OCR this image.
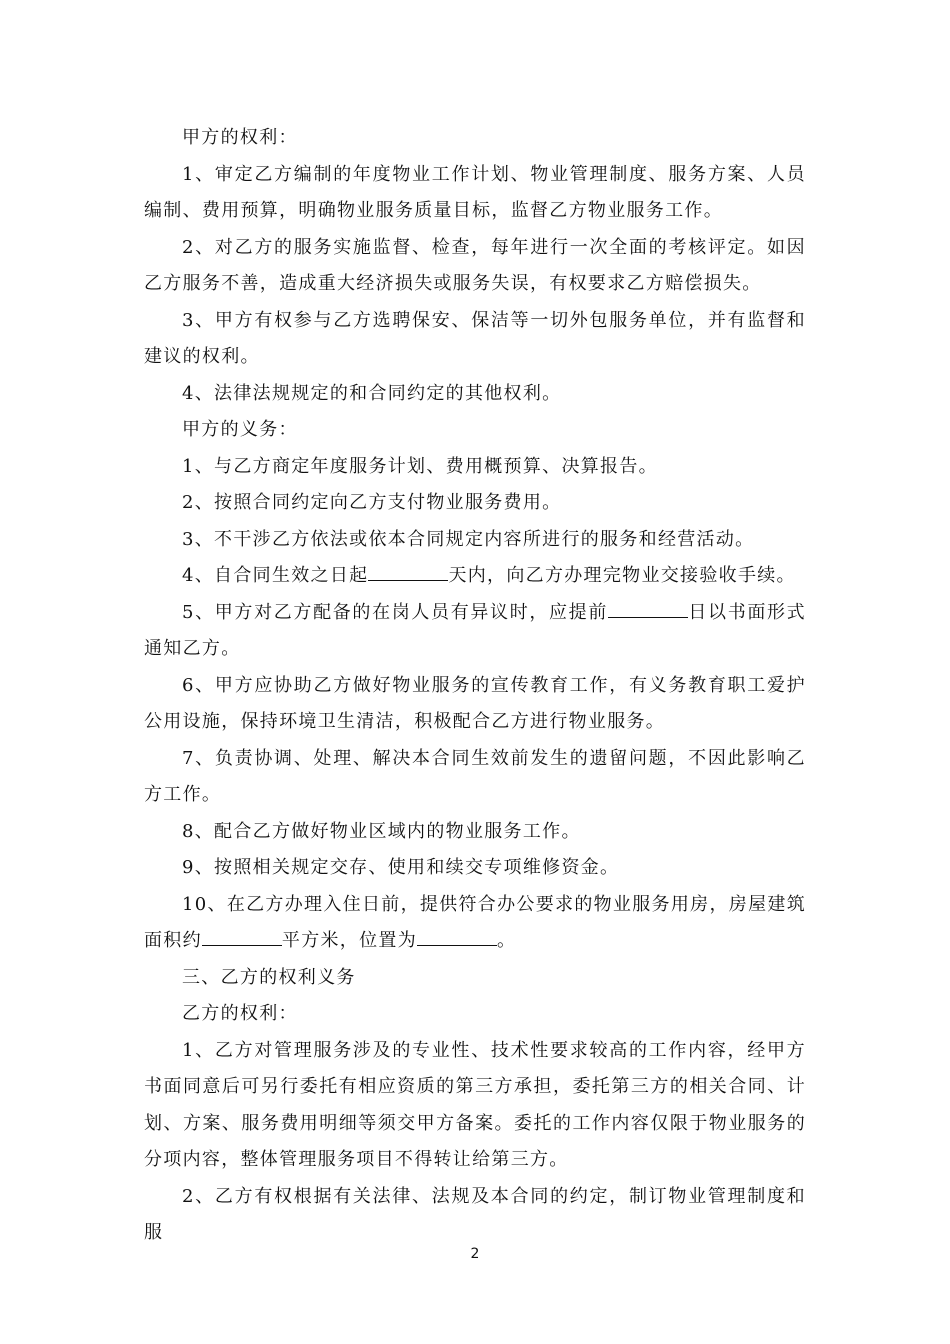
甲方的权利：

1、审定乙方编制的年度物业工作计划、物业管理制度、服务方案、人员编制、费用预算，明确物业服务质量目标，监督乙方物业服务工作。

2、对乙方的服务实施监督、检查，每年进行一次全面的考核评定。如因乙方服务不善，造成重大经济损失或服务失误，有权要求乙方赔偿损失。

3、甲方有权参与乙方选聘保安、保洁等一切外包服务单位，并有监督和建议的权利。

4、法律法规规定的和合同约定的其他权利。

甲方的义务：

1、与乙方商定年度服务计划、费用概预算、决算报告。

2、按照合同约定向乙方支付物业服务费用。

3、不干涉乙方依法或依本合同规定内容所进行的服务和经营活动。

4、自合同生效之日起	天内，向乙方办理完物业交接验收手续。

5、甲方对乙方配备的在岗人员有异议时，应提前	日以书面形式通知乙方。

6、甲方应协助乙方做好物业服务的宣传教育工作，有义务教育职工爱护公用设施，保持环境卫生清洁，积极配合乙方进行物业服务。

7、负责协调、处理、解决本合同生效前发生的遗留问题，不因此影响乙方工作。

8、配合乙方做好物业区域内的物业服务工作。

9、按照相关规定交存、使用和续交专项维修资金。

10、在乙方办理入住日前，提供符合办公要求的物业服务用房，房屋建筑面积约	平方米，位置为	。

三、乙方的权利义务

乙方的权利：

1、乙方对管理服务涉及的专业性、技术性要求较高的工作内容，经甲方书面同意后可另行委托有相应资质的第三方承担，委托第三方的相关合同、计划、方案、服务费用明细等须交甲方备案。委托的工作内容仅限于物业服务的分项内容，整体管理服务项目不得转让给第三方。

2、乙方有权根据有关法律、法规及本合同的约定，制订物业管理制度和服

2
